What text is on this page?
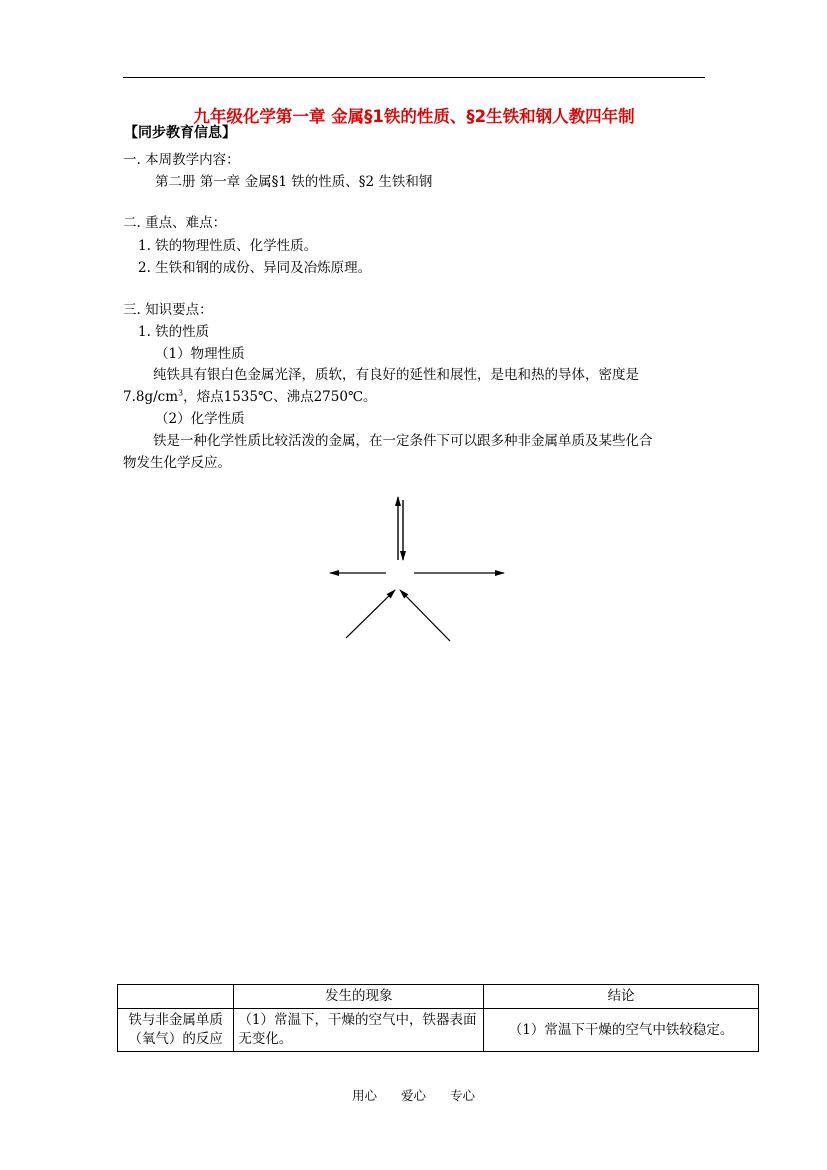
九年级化学第一章 金属§1铁的性质、§2生铁和钢人教四年制
【同步教育信息】
一. 本周教学内容：
第二册 第一章 金属§1 铁的性质、§2 生铁和钢
二. 重点、难点：
1. 铁的物理性质、化学性质。
2. 生铁和钢的成份、异同及冶炼原理。
三. 知识要点：
1. 铁的性质
（1）物理性质
纯铁具有银白色金属光泽，质软，有良好的延性和展性，是电和热的导体，密度是
$7.8g/cm^3$，熔点1535℃、沸点2750℃。
（2）化学性质
铁是一种化学性质比较活泼的金属，在一定条件下可以跟多种非金属单质及某些化合
物发生化学反应。
	发生的现象	结论

铁与非金属单质
（氧气）的反应	（1）常温下，干燥的空气中，铁器表面无变化。	（1）常温下干燥的空气中铁较稳定。
用心 爱心 专心
